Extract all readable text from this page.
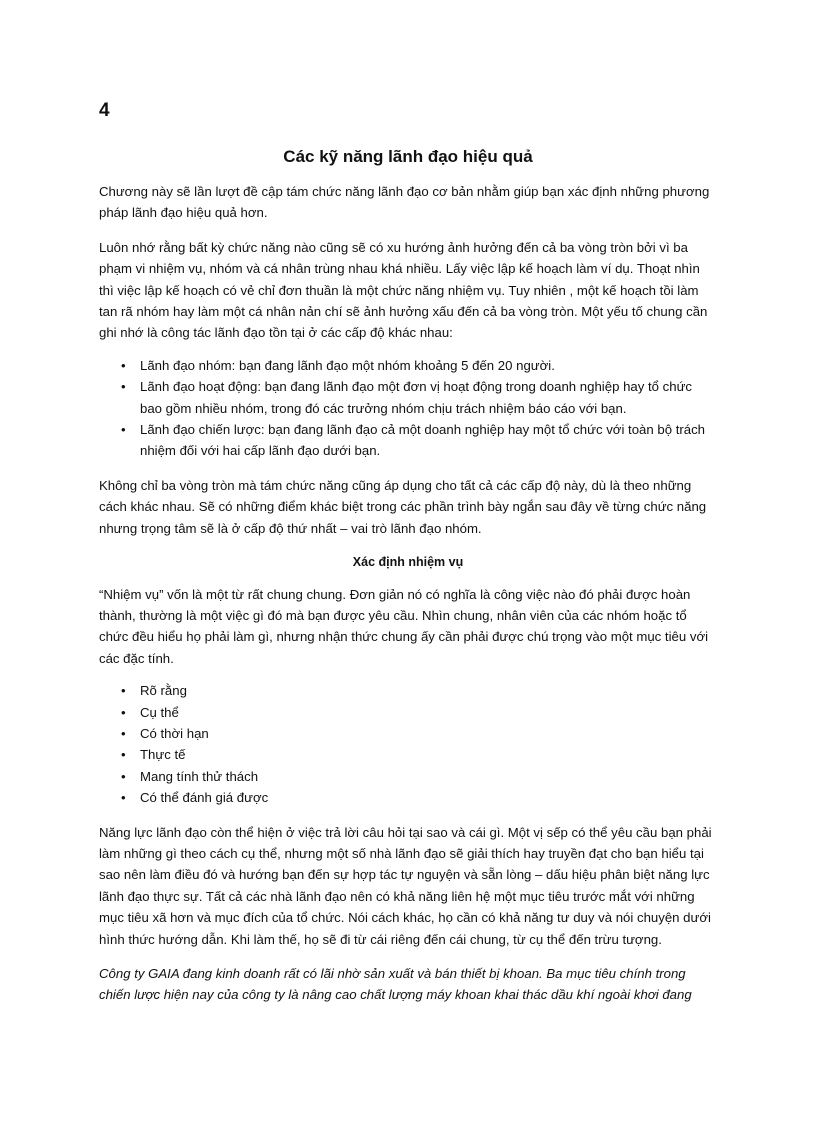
4
Các kỹ năng lãnh đạo hiệu quả

Chương này sẽ lần lượt đề cập tám chức năng lãnh đạo cơ bản nhằm giúp bạn xác định những phương pháp lãnh đạo hiệu quả hơn.

Luôn nhớ rằng bất kỳ chức năng nào cũng sẽ có xu hướng ảnh hưởng đến cả ba vòng tròn bởi vì ba phạm vi nhiệm vụ, nhóm và cá nhân trùng nhau khá nhiều. Lấy việc lập kế hoạch làm ví dụ. Thoạt nhìn thì việc lập kế hoạch có vẻ chỉ đơn thuần là một chức năng nhiệm vụ. Tuy nhiên , một kế hoạch tồi làm tan rã nhóm hay làm một cá nhân nản chí sẽ ảnh hưởng xấu đến cả ba vòng tròn. Một yếu tố chung cần ghi nhớ là công tác lãnh đạo tồn tại ở các cấp độ khác nhau:

• Lãnh đạo nhóm: bạn đang lãnh đạo một nhóm khoảng 5 đến 20 người.
• Lãnh đạo hoạt động: bạn đang lãnh đạo một đơn vị hoạt động trong doanh nghiệp hay tổ chức bao gồm nhiều nhóm, trong đó các trưởng nhóm chịu trách nhiệm báo cáo với bạn.
• Lãnh đạo chiến lược: bạn đang lãnh đạo cả một doanh nghiệp hay một tổ chức với toàn bộ trách nhiệm đối với hai cấp lãnh đạo dưới bạn.

Không chỉ ba vòng tròn mà tám chức năng cũng áp dụng cho tất cả các cấp độ này, dù là theo những cách khác nhau. Sẽ có những điểm khác biệt trong các phần trình bày ngắn sau đây về từng chức năng nhưng trọng tâm sẽ là ở cấp độ thứ nhất – vai trò lãnh đạo nhóm.

Xác định nhiệm vụ

“Nhiệm vụ” vốn là một từ rất chung chung. Đơn giản nó có nghĩa là công việc nào đó phải được hoàn thành, thường là một việc gì đó mà bạn được yêu cầu. Nhìn chung, nhân viên của các nhóm hoặc tổ chức đều hiểu họ phải làm gì, nhưng nhận thức chung ấy cần phải được chú trọng vào một mục tiêu với các đặc tính.

• Rõ rằng
• Cụ thể
• Có thời hạn
• Thực tế
• Mang tính thử thách
• Có thể đánh giá được

Năng lực lãnh đạo còn thể hiện ở việc trả lời câu hỏi tại sao và cái gì. Một vị sếp có thể yêu cầu bạn phải làm những gì theo cách cụ thể, nhưng một số nhà lãnh đạo sẽ giải thích hay truyền đạt cho bạn hiểu tại sao nên làm điều đó và hướng bạn đến sự hợp tác tự nguyện và sẵn lòng – dấu hiệu phân biệt năng lực lãnh đạo thực sự. Tất cả các nhà lãnh đạo nên có khả năng liên hệ một mục tiêu trước mắt với những mục tiêu xã hơn và mục đích của tổ chức. Nói cách khác, họ cần có khả năng tư duy và nói chuyện dưới hình thức hướng dẫn. Khi làm thế, họ sẽ đi từ cái riêng đến cái chung, từ cụ thể đến trừu tượng.

Công ty GAIA đang kinh doanh rất có lãi nhờ sản xuất và bán thiết bị khoan. Ba mục tiêu chính trong chiến lược hiện nay của công ty là nâng cao chất lượng máy khoan khai thác dầu khí ngoài khơi đang
